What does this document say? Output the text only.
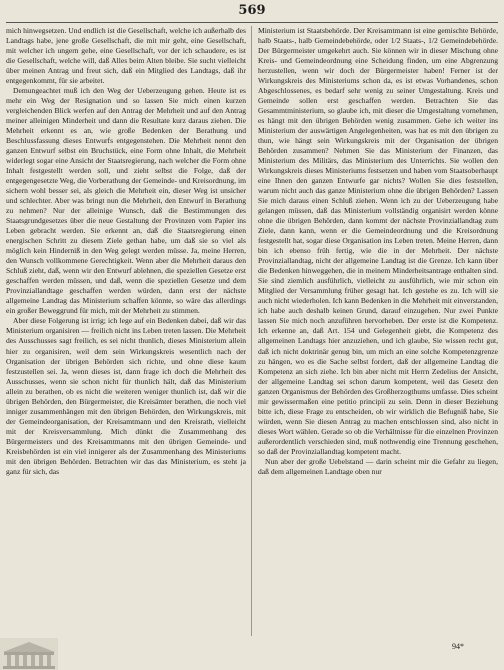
569

mich hinwegsetzen. Und endlich ist die Gesellschaft, welche ich außerhalb des Landtags habe, jene große Gesellschaft, die mit mir geht, eine Gesellschaft, mit welcher ich ungern gehe, eine Gesellschaft, vor der ich schaudere, es ist die Gesellschaft, welche will, daß Alles beim Alten bleibe. Sie sucht vielleicht über meinen Antrag und freut sich, daß ein Mitglied des Landtags, daß ihr entgegenkommt, für sie arbeitet.

Demungeachtet muß ich den Weg der Ueberzeugung gehen. Heute ist es mehr ein Weg der Resignation und so lassen Sie mich einen kurzen vergleichenden Blick werfen auf den Antrag der Mehrheit und auf den Antrag meiner alleinigen Minderheit und dann die Resultate kurz daraus ziehen. Die Mehrheit erkennt es an, wie große Bedenken der Berathung und Beschlussfassung dieses Entwurfs entgegenstehen. Die Mehrheit nennt den ganzen Entwurf selbst ein Bruchstück, eine Form ohne Inhalt, die Mehrheit widerlegt sogar eine Ansicht der Staatsregierung, nach welcher die Form ohne Inhalt festgestellt werden soll, und zieht selbst die Folge, daß der entgegengesetzte Weg, die Vorberathung der Gemeinde- und Kreisordnung, im sichern wohl besser sei, als gleich die Mehrheit ein, dieser Weg ist unsicher und schlechter. Aber was bringt nun die Mehrheit, den Entwurf in Berathung zu nehmen? Nur der alleinige Wunsch, daß die Bestimmungen des Staatsgrundgesetzes über die neue Gestaltung der Provinzen vom Papier ins Leben gebracht werden. Sie erkennt an, daß die Staatsregierung einen energischen Schritt zu diesem Ziele gethan habe, um daß sie so viel als möglich kein Hinderniß in den Weg gelegt werden müsse. Ja, meine Herren, den Wunsch vollkommene Gerechtigkeit. Wenn aber die Mehrheit daraus den Schluß zieht, daß, wenn wir den Entwurf ablehnen, die speziellen Gesetze erst geschaffen werden müssen, und daß, wenn die speziellen Gesetze und dem Provinziallandtage geschaffen werden würden, dann erst der nächste allgemeine Landtag das Ministerium schaffen könnte, so wäre das allerdings ein großer Beweggrund für mich, mit der Mehrheit zu stimmen.

Aber diese Folgerung ist irrig; ich lege auf ein Bedenken dabei, daß wir das Ministerium organisiren — freilich nicht ins Leben treten lassen. Die Mehrheit des Ausschusses sagt freilich, es sei nicht thunlich, dieses Ministerium allein hier zu organisiren, weil dem sein Wirkungskreis wesentlich nach der Organisation der übrigen Behörden sich richte, und ohne diese kaum festzustellen sei. Ja, wenn dieses ist, dann frage ich doch die Mehrheit des Ausschusses, wenn sie schon nicht für thunlich hält, daß das Ministerium allein zu berathen, ob es nicht die weiteren weniger thunlich ist, daß wir die übrigen Behörden, den Bürgermeister, die Kreisämter berathen, die noch viel inniger zusammenhängen mit den übrigen Behörden, den Wirkungskreis, mit der Gemeindeorganisation, der Kreisamtmann und den Kreisrath, vielleicht mit der Kreisversammlung. Mich dünkt die Zusammenhang des Bürgermeisters und des Kreisamtmanns mit den übrigen Gemeinde- und Kreisbehörden ist ein viel innigerer als der Zusammenhang des Ministeriums mit den übrigen Behörden. Betrachten wir das das Ministerium, es steht ja ganz für sich, das

Ministerium ist Staatsbehörde. Der Kreisamtmann ist eine gemischte Behörde, halb Staats-, halb Gemeindebehörde, oder 1/2 Staats-, 1/2 Gemeindebehörde. Der Bürgermeister umgekehrt auch. Sie können wir in dieser Mischung ohne Kreis- und Gemeindeordnung eine Scheidung finden, um eine Abgrenzung herzustellen, wenn wir doch der Bürgermeister haben! Ferner ist der Wirkungskreis des Ministeriums schon da, es ist etwas Vorhandenes, schon Abgeschlossenes, es bedarf sehr wenig zu seiner Umgestaltung. Kreis und Gemeinde sollen erst geschaffen werden. Betrachten Sie das Gesammtministerium, so glaube ich, mit dieser die Umgestaltung vornehmen, es hängt mit den übrigen Behörden wenig zusammen. Gehe ich weiter ins Ministerium der auswärtigen Angelegenheiten, was hat es mit den übrigen zu thun, wie hängt sein Wirkungskreis mit der Organisation der übrigen Behörden zusammen? Nehmen Sie das Ministerium der Finanzen, das Ministerium des Militärs, das Ministerium des Unterrichts. Sie wollen den Wirkungskreis dieses Ministeriums festsetzen und haben vom Staatsoberhaupt eine Ihnen den ganzen Entwurfe gar nichts? Wollen Sie dies feststellen, warum nicht auch das ganze Ministerium ohne die übrigen Behörden? Lassen Sie mich daraus einen Schluß ziehen. Wenn ich zu der Ueberzeugung habe gelangen müssen, daß das Ministerium vollständig organisirt werden könne ohne die übrigen Behörden, dann kommt der nächste Provinziallandtag zum Ziele, dann kann, wenn er die Gemeindeordnung und die Kreisordnung festgestellt hat, sogar diese Organisation ins Leben treten. Meine Herren, dann bin ich ebenso früh fertig, wie die in der Mehrheit. Der nächste Provinziallandtag, nicht der allgemeine Landtag ist die Grenze. Ich kann über die Bedenken hinweggehen, die in meinem Minderheitsantrage enthalten sind. Sie sind ziemlich ausführlich, vielleicht zu ausführlich, wie mir schon ein Mitglied der Versammlung früher gesagt hat. Ich gestehe es zu. Ich will sie auch nicht wiederholen. Ich kann Bedenken in die Mehrheit mit einverstanden, ich habe auch deshalb keinen Grund, darauf einzugehen. Nur zwei Punkte lassen Sie mich noch anzuführen hervorheben. Der erste ist die Kompetenz. Ich erkenne an, daß Art. 154 und Gelegenheit giebt, die Kompetenz des allgemeinen Landtags hier anzuziehen, und ich glaube, Sie wissen recht gut, daß ich nicht doktrinär genug bin, um mich an eine solche Kompetenzgrenze zu hängen, wo es die Sache selbst fordert, daß der allgemeine Landtag die Kompetenz an sich ziehe. Ich bin aber nicht mit Herrn Zedelius der Ansicht, der allgemeine Landtag sei schon darum kompetent, weil das Gesetz den ganzen Organismus der Behörden des Großherzogthums umfasse. Dies scheint mir gewissermaßen eine petitio principii zu sein. Denn in dieser Beziehung bitte ich, diese Frage zu entscheiden, ob wir wirklich die Befugniß habe, Sie würden, wenn Sie diesen Antrag zu machen entschlossen sind, also nicht in dieses Wort wählen. Gerade so ob die Verhältnisse für die einzelnen Provinzen außerordentlich verschieden sind, muß nothwendig eine Trennung geschehen, so daß der Provinziallandtag kompetent macht.

Nun aber der große Uebelstand — darin scheint mir die Gefahr zu liegen, daß dem allgemeinen Landtage oben nur

94*
